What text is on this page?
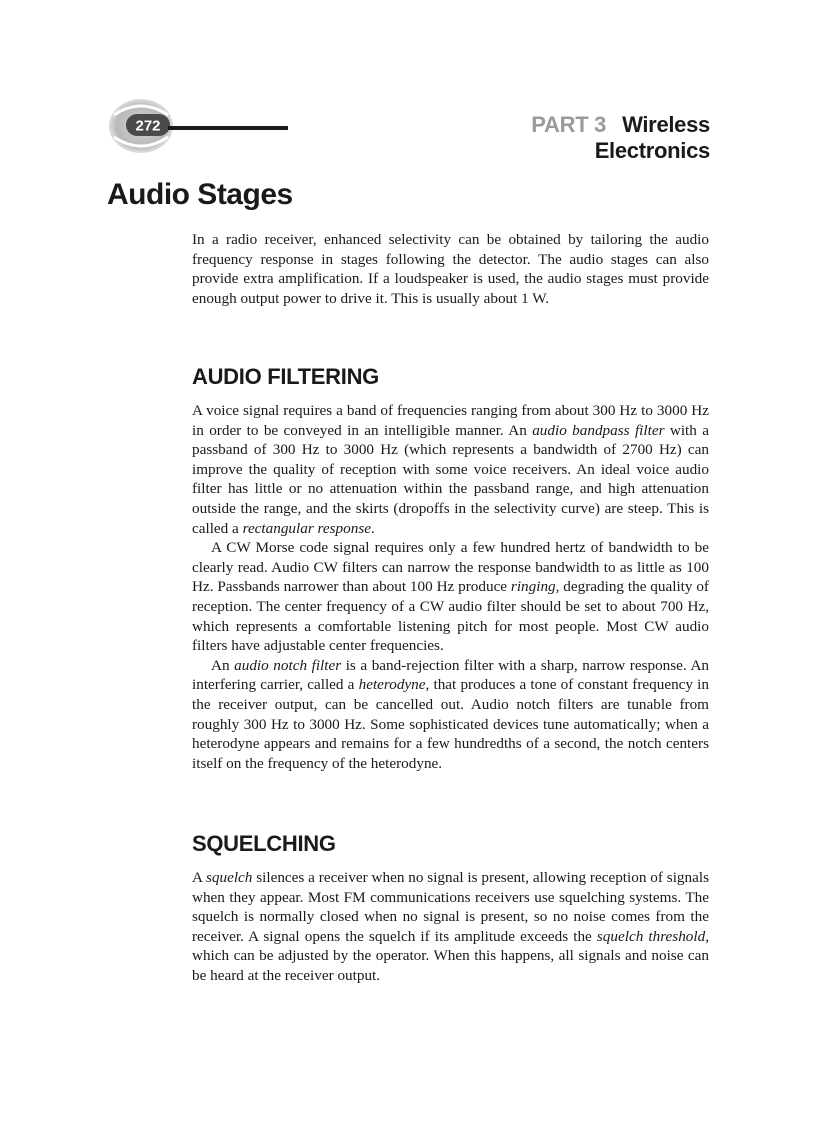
272	PART 3 Wireless Electronics
Audio Stages

In a radio receiver, enhanced selectivity can be obtained by tailoring the audio frequency response in stages following the detector. The audio stages can also provide extra amplification. If a loudspeaker is used, the audio stages must provide enough output power to drive it. This is usually about 1 W.

AUDIO FILTERING

A voice signal requires a band of frequencies ranging from about 300 Hz to 3000 Hz in order to be conveyed in an intelligible manner. An audio bandpass filter with a passband of 300 Hz to 3000 Hz (which represents a bandwidth of 2700 Hz) can improve the quality of reception with some voice receivers. An ideal voice audio filter has little or no attenuation within the passband range, and high attenuation outside the range, and the skirts (dropoffs in the selectivity curve) are steep. This is called a rectangular response.

A CW Morse code signal requires only a few hundred hertz of bandwidth to be clearly read. Audio CW filters can narrow the response bandwidth to as little as 100 Hz. Passbands narrower than about 100 Hz produce ringing, degrading the quality of reception. The center frequency of a CW audio filter should be set to about 700 Hz, which represents a comfortable listening pitch for most people. Most CW audio filters have adjustable center frequencies.

An audio notch filter is a band-rejection filter with a sharp, narrow response. An interfering carrier, called a heterodyne, that produces a tone of constant frequency in the receiver output, can be cancelled out. Audio notch filters are tunable from roughly 300 Hz to 3000 Hz. Some sophisticated devices tune automatically; when a heterodyne appears and remains for a few hundredths of a second, the notch centers itself on the frequency of the heterodyne.

SQUELCHING

A squelch silences a receiver when no signal is present, allowing reception of signals when they appear. Most FM communications receivers use squelching systems. The squelch is normally closed when no signal is present, so no noise comes from the receiver. A signal opens the squelch if its amplitude exceeds the squelch threshold, which can be adjusted by the operator. When this happens, all signals and noise can be heard at the receiver output.
